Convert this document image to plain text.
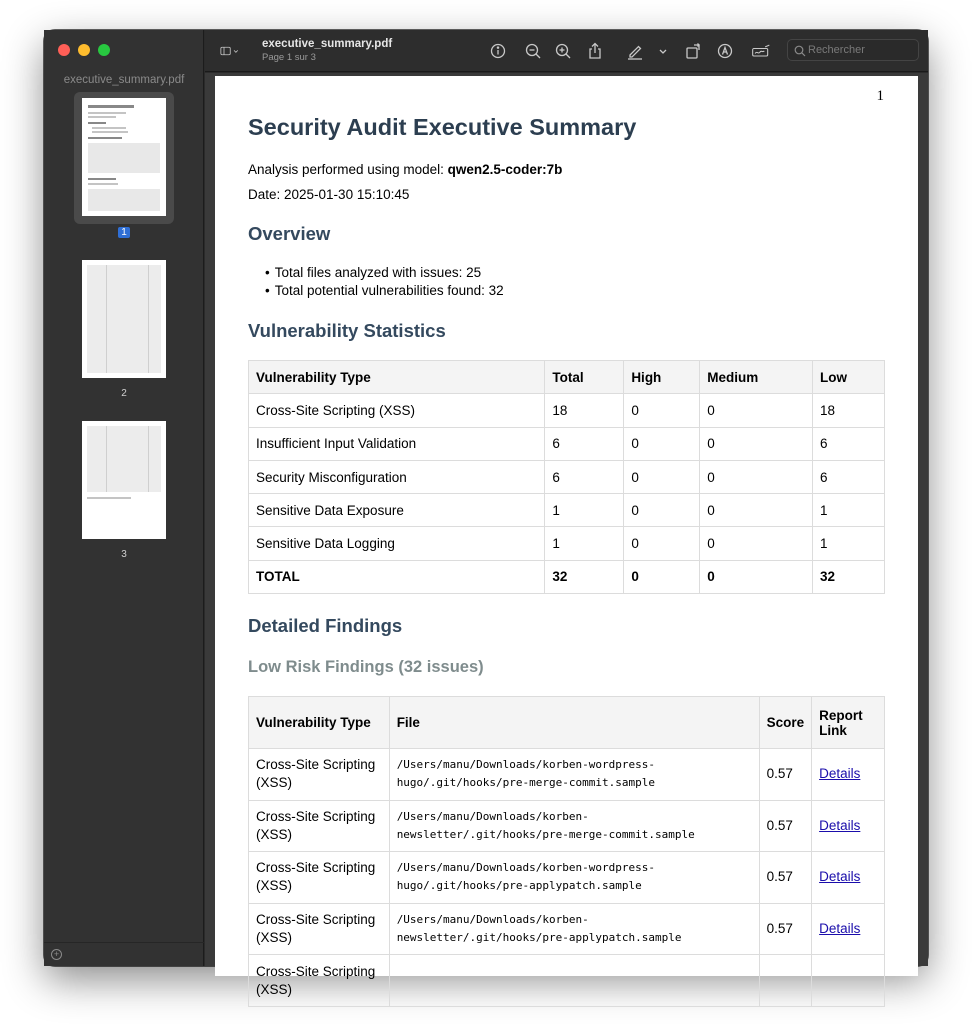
executive_summary.pdf
1
2
3
+
executive_summary.pdf
Page 1 sur 3
Rechercher
1
Security Audit Executive Summary
Analysis performed using model: qwen2.5-coder:7b
Date: 2025-01-30 15:10:45
Overview
• Total files analyzed with issues: 25
• Total potential vulnerabilities found: 32
Vulnerability Statistics
Vulnerability Type	Total	High	Medium	Low
Cross-Site Scripting (XSS)	18	0	0	18
Insufficient Input Validation	6	0	0	6
Security Misconfiguration	6	0	0	6
Sensitive Data Exposure	1	0	0	1
Sensitive Data Logging	1	0	0	1
TOTAL	32	0	0	32
Detailed Findings
Low Risk Findings (32 issues)
Vulnerability Type	File	Score	Report Link
Cross-Site Scripting (XSS)	/Users/manu/Downloads/korben-wordpress-hugo/.git/hooks/pre-merge-commit.sample	0.57	Details
Cross-Site Scripting (XSS)	/Users/manu/Downloads/korben-newsletter/.git/hooks/pre-merge-commit.sample	0.57	Details
Cross-Site Scripting (XSS)	/Users/manu/Downloads/korben-wordpress-hugo/.git/hooks/pre-applypatch.sample	0.57	Details
Cross-Site Scripting (XSS)	/Users/manu/Downloads/korben-newsletter/.git/hooks/pre-applypatch.sample	0.57	Details
Cross-Site Scripting (XSS)			
